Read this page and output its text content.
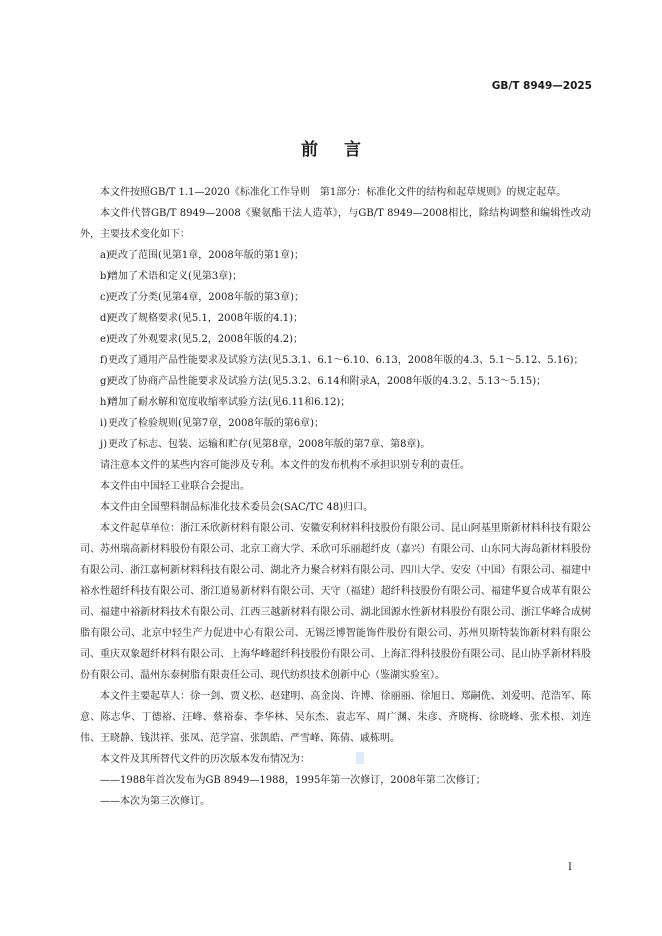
GB/T 8949—2025
前言

本文件按照GB/T 1.1—2020《标准化工作导则　第1部分：标准化文件的结构和起草规则》的规定起草。

本文件代替GB/T 8949—2008《聚氨酯干法人造革》，与GB/T 8949—2008相比，除结构调整和编辑性改动外，主要技术变化如下：

a)
更改了范围(见第1章，2008年版的第1章)；

b)
增加了术语和定义(见第3章)；

c)
更改了分类(见第4章，2008年版的第3章)；

d)
更改了规格要求(见5.1，2008年版的4.1)；

e)
更改了外观要求(见5.2，2008年版的4.2)；

f) 更改了通用产品性能要求及试验方法(见5.3.1、6.1～6.10、6.13，2008年版的4.3、5.1～5.12、5.16)；

g)
更改了协商产品性能要求及试验方法(见5.3.2、6.14和附录A，2008年版的4.3.2、5.13～5.15)；

h)
增加了耐水解和宽度收缩率试验方法(见6.11和6.12)；

i) 更改了检验规则(见第7章，2008年版的第6章)；

j) 更改了标志、包装、运输和贮存(见第8章，2008年版的第7章、第8章)。

请注意本文件的某些内容可能涉及专利。本文件的发布机构不承担识别专利的责任。

本文件由中国轻工业联合会提出。

本文件由全国塑料制品标准化技术委员会(SAC/TC 48)归口。

本文件起草单位：浙江禾欣新材料有限公司、安徽安利材料科技股份有限公司、昆山阿基里斯新材料科技有限公司、苏州瑞高新材料股份有限公司、北京工商大学、禾欣可乐丽超纤皮（嘉兴）有限公司、山东同大海岛新材料股份有限公司、浙江嘉柯新材料科技有限公司、湖北齐力聚合材料有限公司、四川大学、安安（中国）有限公司、福建中裕水性超纤科技有限公司、浙江道易新材料有限公司、天守（福建）超纤科技股份有限公司、福建华夏合成革有限公司、福建中裕新材料技术有限公司、江西三越新材料有限公司、湖北国源水性新材料股份有限公司、浙江华峰合成树脂有限公司、北京中轻生产力促进中心有限公司、无锡泛博智能饰件股份有限公司、苏州贝斯特装饰新材料有限公司、重庆双象超纤材料有限公司、上海华峰超纤科技股份有限公司、上海汇得科技股份有限公司、昆山协孚新材料股份有限公司、温州东泰树脂有限责任公司、现代纺织技术创新中心（鉴湖实验室）。

本文件主要起草人：徐一剑、贾义松、赵建明、高金岗、许博、徐丽丽、徐旭日、郑嗣侁、刘爱明、范浩军、陈意、陈志华、丁德裕、汪峰、蔡裕泰、李华林、吴东杰、袁志军、周广渊、朱彦、齐晓梅、徐晓峰、张术根、刘连伟、王晓静、钱洪祥、张凤、范学富、张凯皓、严雪峰、陈倩、戚栋明。

本文件及其所替代文件的历次版本发布情况为：

——1988年首次发布为GB 8949—1988，1995年第一次修订，2008年第二次修订；

——本次为第三次修订。

I
